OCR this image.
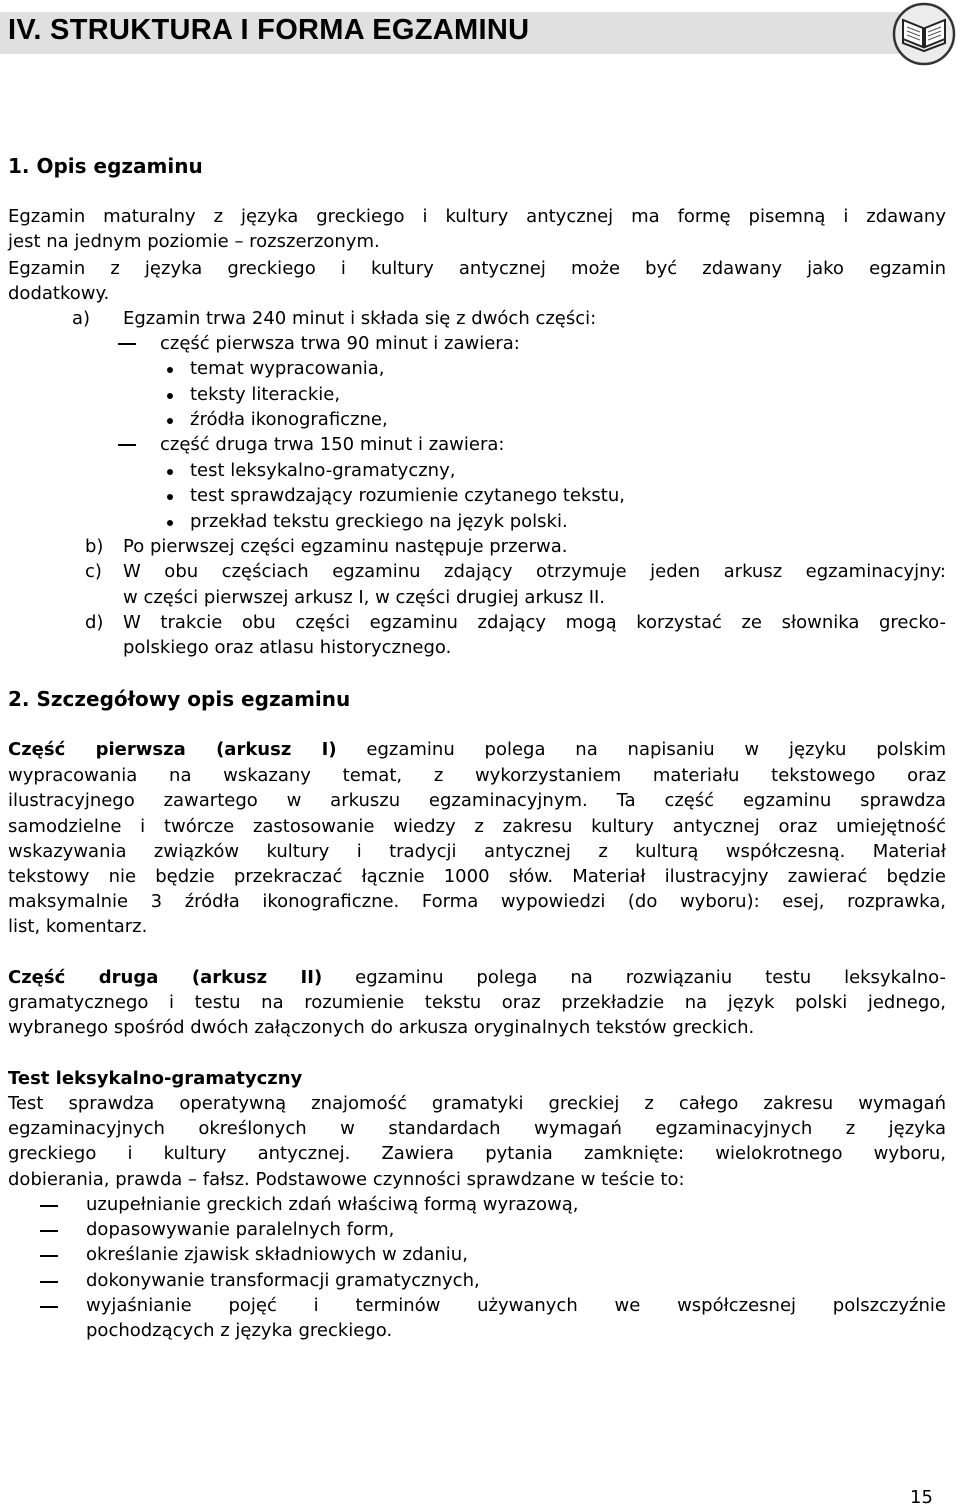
IV. STRUKTURA I FORMA EGZAMINU
1. Opis egzaminu
Egzamin maturalny z języka greckiego i kultury antycznej ma formę pisemną i zdawany
jest na jednym poziomie – rozszerzonym.
Egzamin z języka greckiego i kultury antycznej może być zdawany jako egzamin
dodatkowy.
a) Egzamin trwa 240 minut i składa się z dwóch części:
część pierwsza trwa 90 minut i zawiera:
temat wypracowania,
teksty literackie,
źródła ikonograficzne,
część druga trwa 150 minut i zawiera:
test leksykalno-gramatyczny,
test sprawdzający rozumienie czytanego tekstu,
przekład tekstu greckiego na język polski.
b) Po pierwszej części egzaminu następuje przerwa.
c) W obu częściach egzaminu zdający otrzymuje jeden arkusz egzaminacyjny:
w części pierwszej arkusz I, w części drugiej arkusz II.
d) W trakcie obu części egzaminu zdający mogą korzystać ze słownika grecko-
polskiego oraz atlasu historycznego.
2. Szczegółowy opis egzaminu
Część pierwsza (arkusz I) egzaminu polega na napisaniu w języku polskim
wypracowania na wskazany temat, z wykorzystaniem materiału tekstowego oraz
ilustracyjnego zawartego w arkuszu egzaminacyjnym. Ta część egzaminu sprawdza
samodzielne i twórcze zastosowanie wiedzy z zakresu kultury antycznej oraz umiejętność
wskazywania związków kultury i tradycji antycznej z kulturą współczesną. Materiał
tekstowy nie będzie przekraczać łącznie 1000 słów. Materiał ilustracyjny zawierać będzie
maksymalnie 3 źródła ikonograficzne. Forma wypowiedzi (do wyboru): esej, rozprawka,
list, komentarz.
Część druga (arkusz II) egzaminu polega na rozwiązaniu testu leksykalno-
gramatycznego i testu na rozumienie tekstu oraz przekładzie na język polski jednego,
wybranego spośród dwóch załączonych do arkusza oryginalnych tekstów greckich.
Test leksykalno-gramatyczny
Test sprawdza operatywną znajomość gramatyki greckiej z całego zakresu wymagań
egzaminacyjnych określonych w standardach wymagań egzaminacyjnych z języka
greckiego i kultury antycznej. Zawiera pytania zamknięte: wielokrotnego wyboru,
dobierania, prawda – fałsz. Podstawowe czynności sprawdzane w teście to:
uzupełnianie greckich zdań właściwą formą wyrazową,
dopasowywanie paralelnych form,
określanie zjawisk składniowych w zdaniu,
dokonywanie transformacji gramatycznych,
wyjaśnianie pojęć i terminów używanych we współczesnej polszczyźnie
pochodzących z języka greckiego.
15
